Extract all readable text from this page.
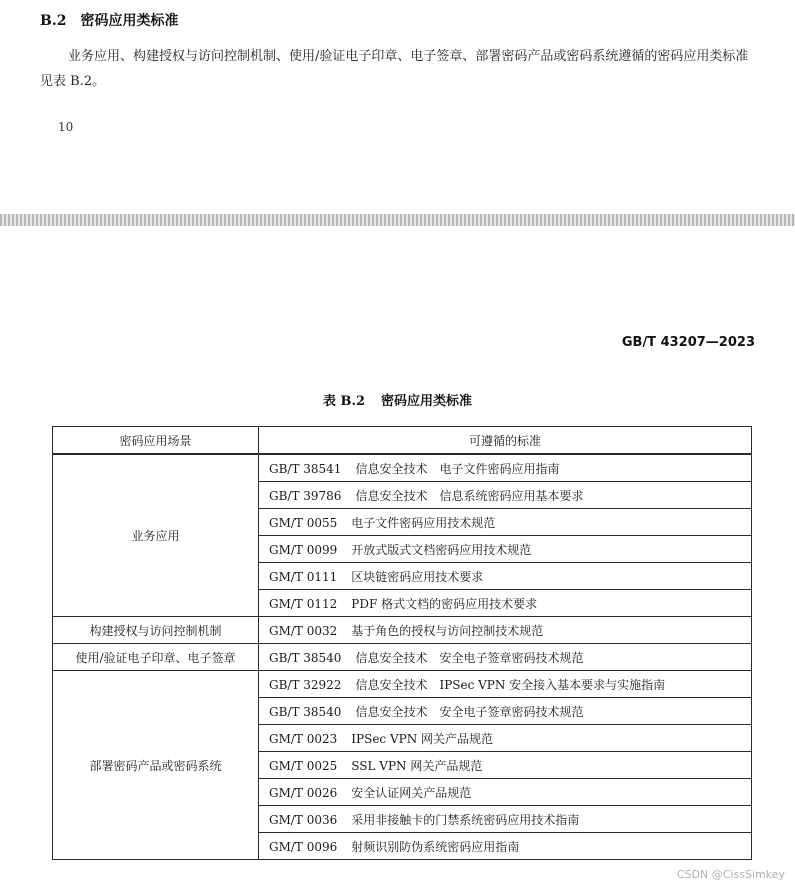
B.2 密码应用类标准
业务应用、构建授权与访问控制机制、使用/验证电子印章、电子签章、部署密码产品或密码系统遵循的密码应用类标准见表 B.2。
10
GB/T 43207—2023
表 B.2 密码应用类标准
密码应用场景	可遵循的标准
业务应用	GB/T 38541 信息安全技术　电子文件密码应用指南
	GB/T 39786 信息安全技术　信息系统密码应用基本要求
	GM/T 0055 电子文件密码应用技术规范
	GM/T 0099 开放式版式文档密码应用技术规范
	GM/T 0111 区块链密码应用技术要求
	GM/T 0112 PDF 格式文档的密码应用技术要求
构建授权与访问控制机制	GM/T 0032 基于角色的授权与访问控制技术规范
使用/验证电子印章、电子签章	GB/T 38540 信息安全技术　安全电子签章密码技术规范
部署密码产品或密码系统	GB/T 32922 信息安全技术　IPSec VPN 安全接入基本要求与实施指南
	GB/T 38540 信息安全技术　安全电子签章密码技术规范
	GM/T 0023 IPSec VPN 网关产品规范
	GM/T 0025 SSL VPN 网关产品规范
	GM/T 0026 安全认证网关产品规范
	GM/T 0036 采用非接触卡的门禁系统密码应用技术指南
	GM/T 0096 射频识别防伪系统密码应用指南
CSDN @CissSimkey
